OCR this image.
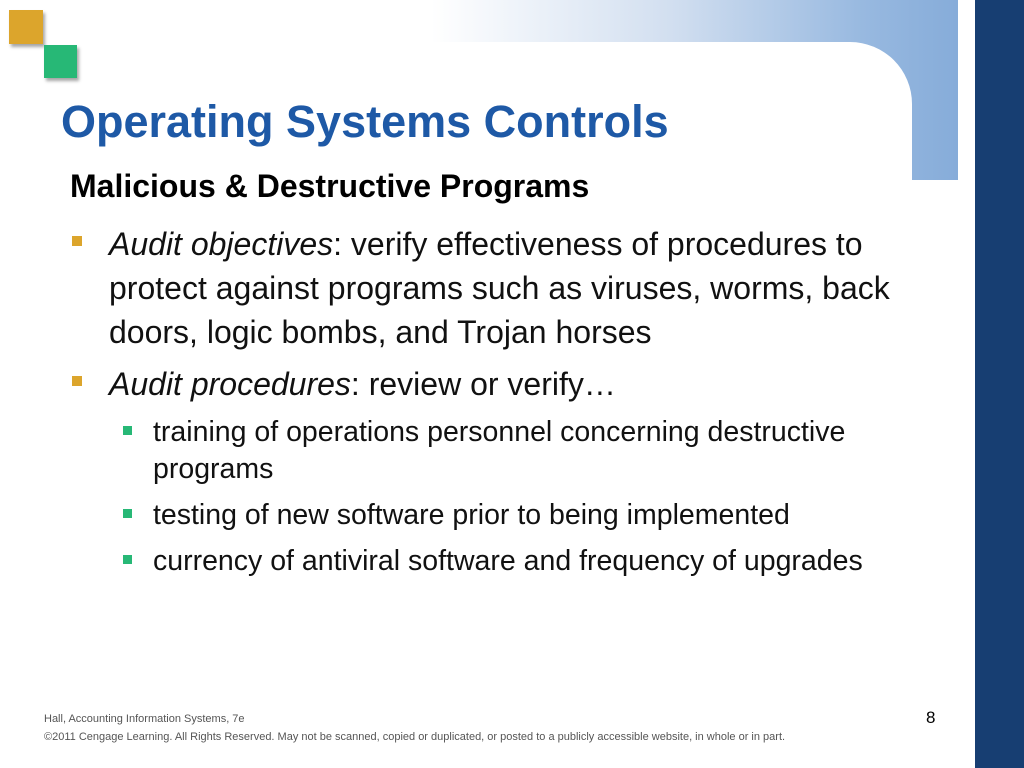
Operating Systems Controls
Malicious & Destructive Programs
Audit objectives: verify effectiveness of procedures to protect against programs such as viruses, worms, back doors, logic bombs, and Trojan horses
Audit procedures: review or verify…
training of operations personnel concerning destructive programs
testing of new software prior to being implemented
currency of antiviral software and frequency of upgrades
Hall, Accounting Information Systems, 7e
©2011 Cengage Learning. All Rights Reserved. May not be scanned, copied or duplicated, or posted to a publicly accessible website, in whole or in part.
8
